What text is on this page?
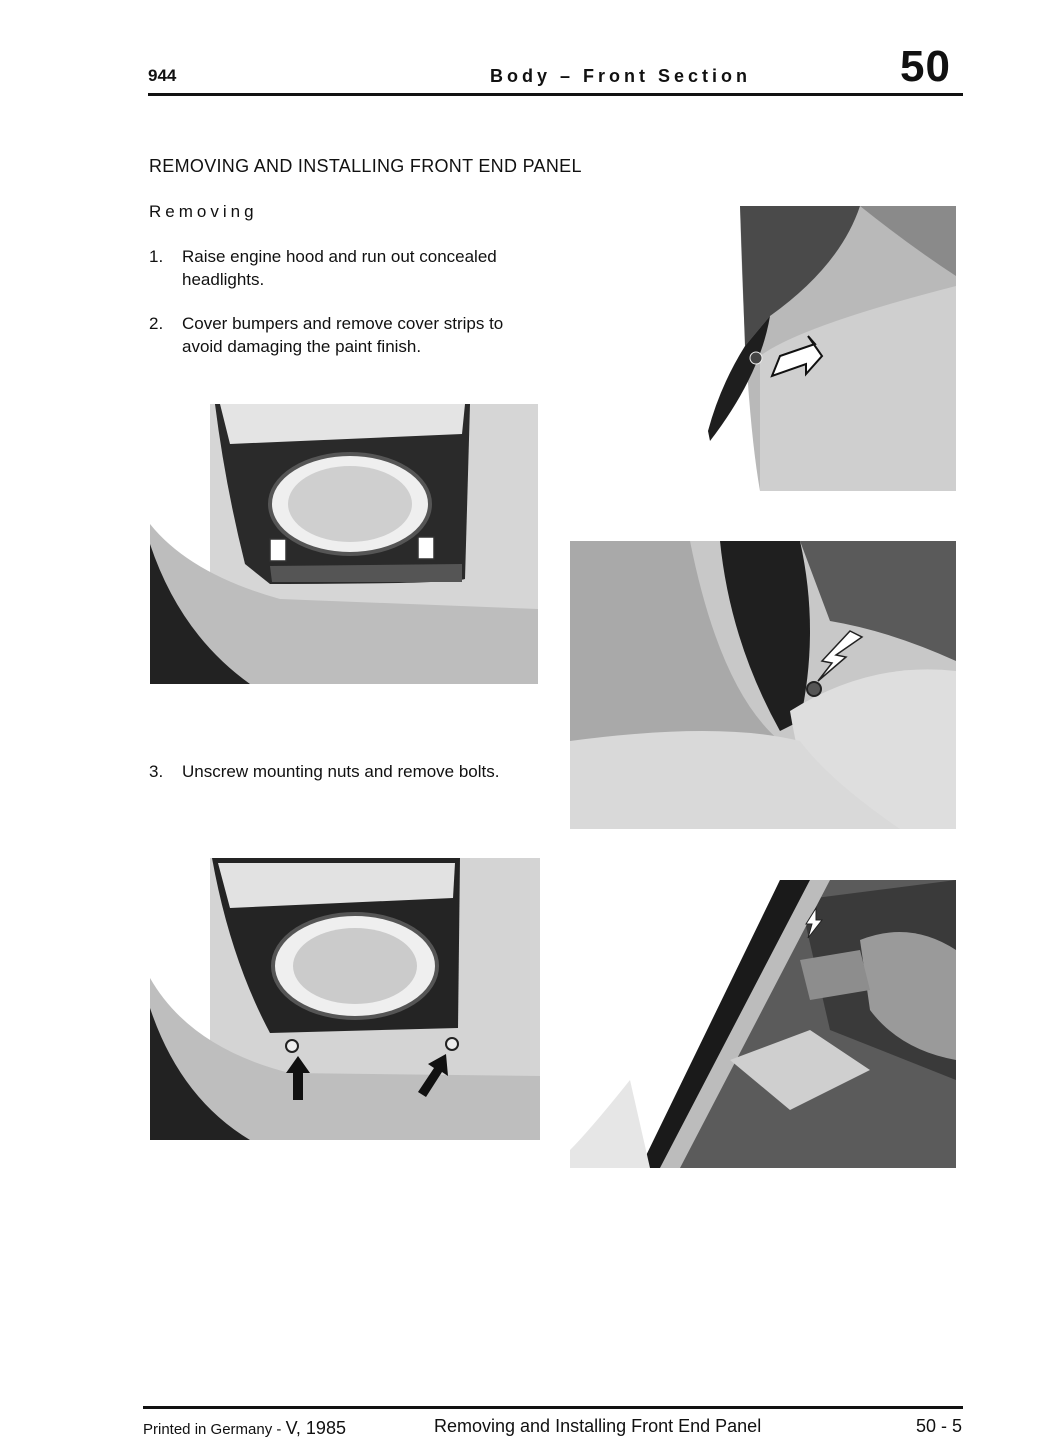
944	Body – Front Section	50
REMOVING AND INSTALLING FRONT END PANEL
Removing
1. Raise engine hood and run out concealed headlights.
2. Cover bumpers and remove cover strips to avoid damaging the paint finish.
3. Unscrew mounting nuts and remove bolts.
Printed in Germany - V, 1985	Removing and Installing Front End Panel	50 - 5
